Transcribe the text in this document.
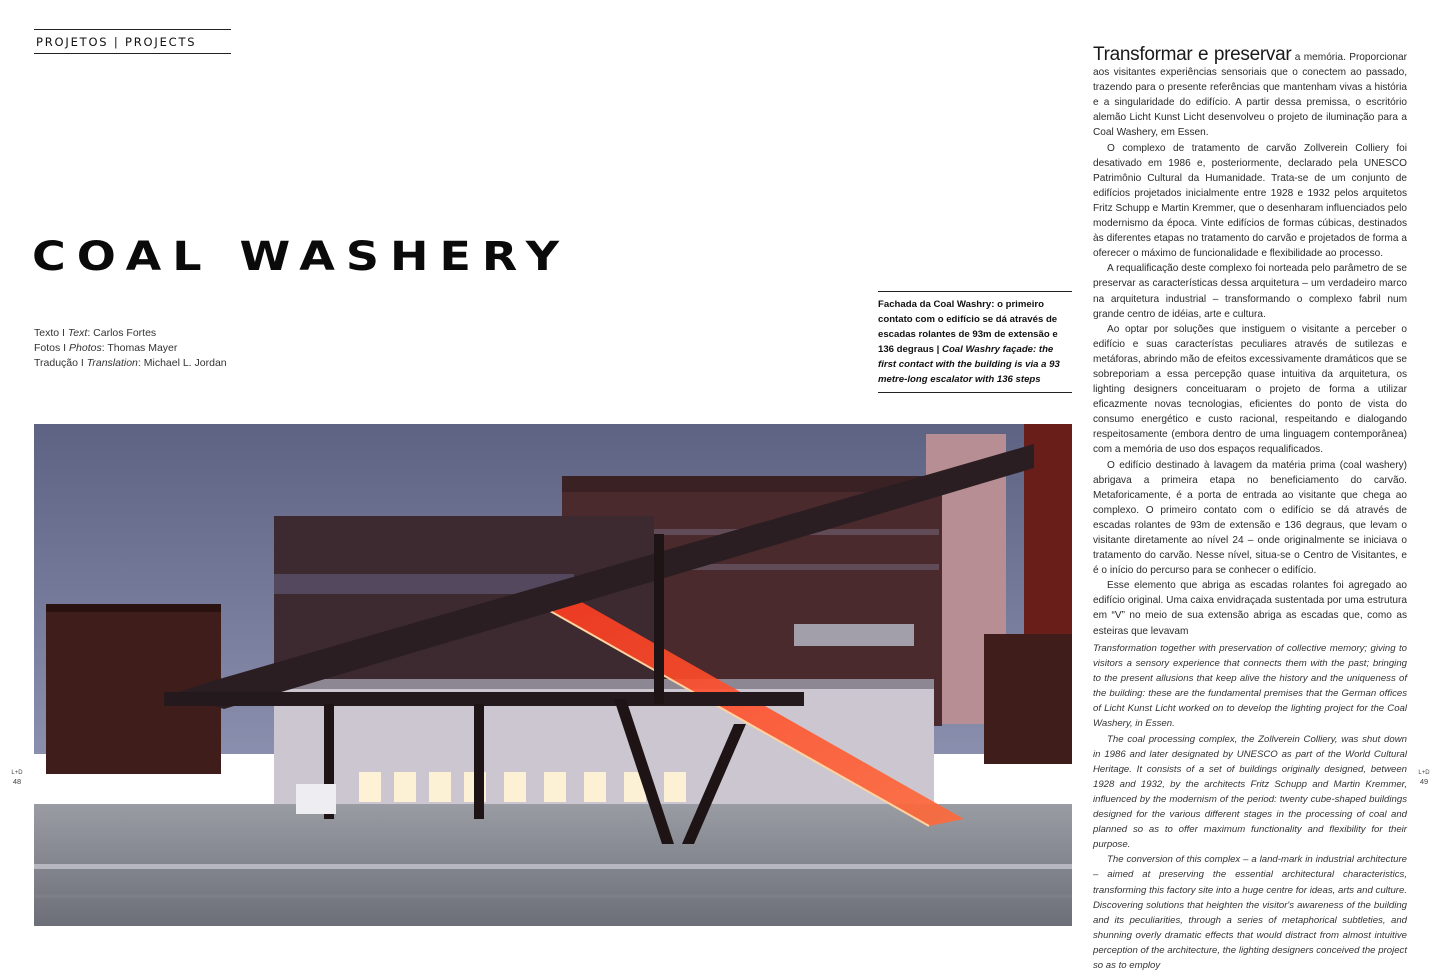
PROJETOS | PROJECTS
COAL WASHERY
Texto I Text: Carlos Fortes
Fotos I Photos: Thomas Mayer
Tradução I Translation: Michael L. Jordan
Fachada da Coal Washry: o primeiro contato com o edifício se dá através de escadas rolantes de 93m de extensão e 136 degraus | Coal Washry façade: the first contact with the building is via a 93 metre-long escalator with 136 steps
L+D
48
L+D
49

Transformar e preservar a memória. Proporcionar aos visitantes experiências sensoriais que o conectem ao passado, trazendo para o presente referências que mantenham vivas a história e a singularidade do edifício. A partir dessa premissa, o escritório alemão Licht Kunst Licht desenvolveu o projeto de iluminação para a Coal Washery, em Essen.

O complexo de tratamento de carvão Zollverein Colliery foi desativado em 1986 e, posteriormente, declarado pela UNESCO Patrimônio Cultural da Humanidade. Trata-se de um conjunto de edifícios projetados inicialmente entre 1928 e 1932 pelos arquitetos Fritz Schupp e Martin Kremmer, que o desenharam influenciados pelo modernismo da época. Vinte edifícios de formas cúbicas, destinados às diferentes etapas no tratamento do carvão e projetados de forma a oferecer o máximo de funcionalidade e flexibilidade ao processo.

A requalificação deste complexo foi norteada pelo parâmetro de se preservar as características dessa arquitetura – um verdadeiro marco na arquitetura industrial – transformando o complexo fabril num grande centro de idéias, arte e cultura.

Ao optar por soluções que instiguem o visitante a perceber o edifício e suas característas peculiares através de sutilezas e metáforas, abrindo mão de efeitos excessivamente dramáticos que se sobreporiam a essa percepção quase intuitiva da arquitetura, os lighting designers conceituaram o projeto de forma a utilizar eficazmente novas tecnologias, eficientes do ponto de vista do consumo energético e custo racional, respeitando e dialogando respeitosamente (embora dentro de uma linguagem contemporânea) com a memória de uso dos espaços requalificados.

O edifício destinado à lavagem da matéria prima (coal washery) abrigava a primeira etapa no beneficiamento do carvão. Metaforicamente, é a porta de entrada ao visitante que chega ao complexo. O primeiro contato com o edifício se dá através de escadas rolantes de 93m de extensão e 136 degraus, que levam o visitante diretamente ao nível 24 – onde originalmente se iniciava o tratamento do carvão. Nesse nível, situa-se o Centro de Visitantes, e é o início do percurso para se conhecer o edifício.

Esse elemento que abriga as escadas rolantes foi agregado ao edifício original. Uma caixa envidraçada sustentada por uma estrutura em “V” no meio de sua extensão abriga as escadas que, como as esteiras que levavam

Transformation together with preservation of collective memory; giving to visitors a sensory experience that connects them with the past; bringing to the present allusions that keep alive the history and the uniqueness of the building: these are the fundamental premises that the German offices of Licht Kunst Licht worked on to develop the lighting project for the Coal Washery, in Essen.

The coal processing complex, the Zollverein Colliery, was shut down in 1986 and later designated by UNESCO as part of the World Cultural Heritage. It consists of a set of buildings originally designed, between 1928 and 1932, by the architects Fritz Schupp and Martin Kremmer, influenced by the modernism of the period: twenty cube-shaped buildings designed for the various different stages in the processing of coal and planned so as to offer maximum functionality and flexibility for their purpose.

The conversion of this complex – a land-mark in industrial architecture – aimed at preserving the essential architectural characteristics, transforming this factory site into a huge centre for ideas, arts and culture. Discovering solutions that heighten the visitor's awareness of the building and its peculiarities, through a series of metaphorical subtleties, and shunning overly dramatic effects that would distract from almost intuitive perception of the architecture, the lighting designers conceived the project so as to employ
